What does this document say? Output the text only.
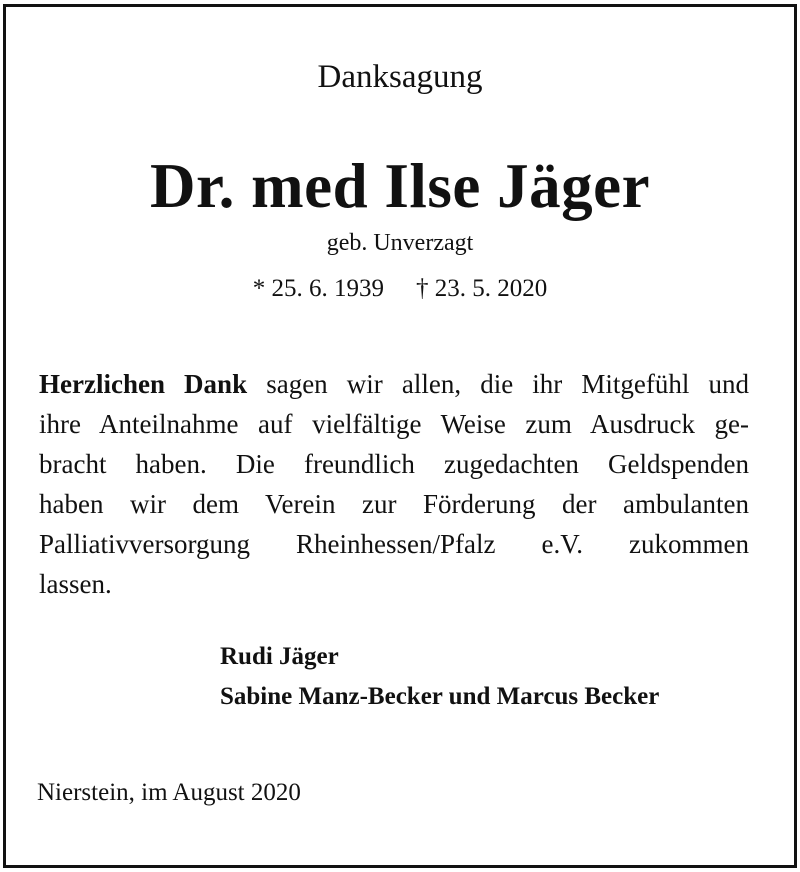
Danksagung
Dr. med Ilse Jäger
geb. Unverzagt
* 25. 6. 1939 † 23. 5. 2020
Herzlichen Dank sagen wir allen, die ihr Mitgefühl und
ihre Anteilnahme auf vielfältige Weise zum Ausdruck ge-
bracht haben. Die freundlich zugedachten Geldspenden
haben wir dem Verein zur Förderung der ambulanten
Palliativversorgung Rheinhessen/Pfalz e.V. zukommen
lassen.
Rudi Jäger
Sabine Manz-Becker und Marcus Becker
Nierstein, im August 2020
